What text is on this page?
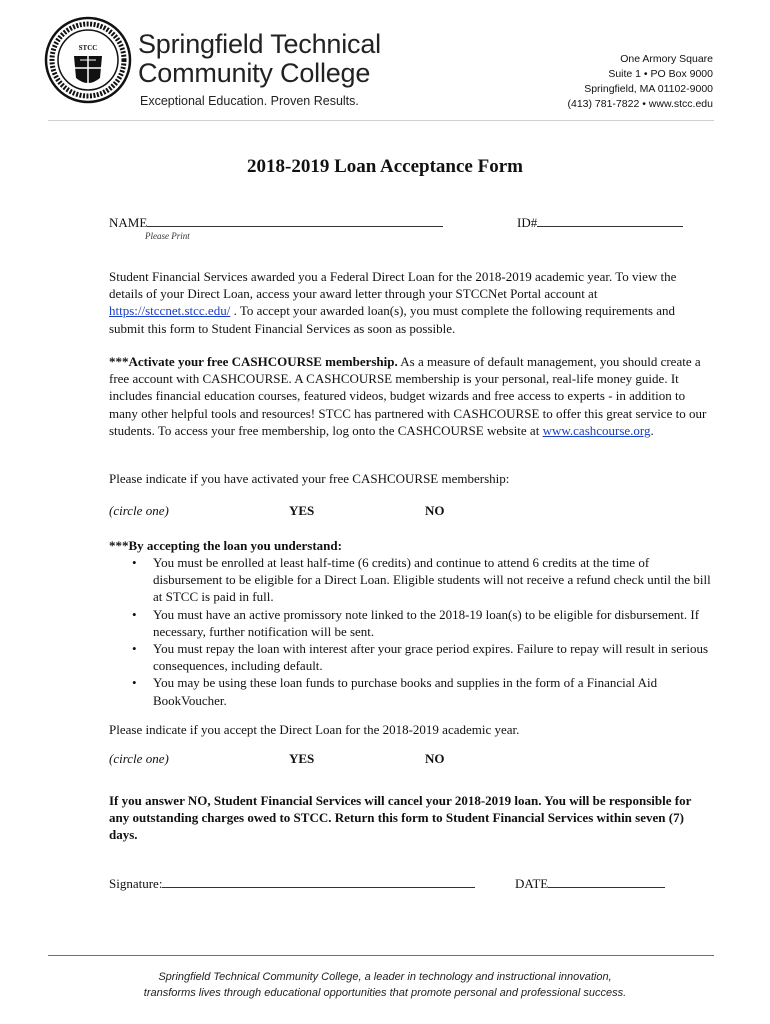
STCC Springfield Technical
Community College
Exceptional Education. Proven Results.
One Armory Square
Suite 1 • PO Box 9000
Springfield, MA 01102-9000
(413) 781-7822 • www.stcc.edu
2018-2019 Loan Acceptance Form
NAME
Please Print
ID#
Student Financial Services awarded you a Federal Direct Loan for the 2018-2019 academic year. To view the details of your Direct Loan, access your award letter through your STCCNet Portal account at https://stccnet.stcc.edu/ . To accept your awarded loan(s), you must complete the following requirements and submit this form to Student Financial Services as soon as possible.
***Activate your free CASHCOURSE membership. As a measure of default management, you should create a free account with CASHCOURSE. A CASHCOURSE membership is your personal, real-life money guide. It includes financial education courses, featured videos, budget wizards and free access to experts - in addition to many other helpful tools and resources! STCC has partnered with CASHCOURSE to offer this great service to our students. To access your free membership, log onto the CASHCOURSE website at www.cashcourse.org.
Please indicate if you have activated your free CASHCOURSE membership:
(circle one)	YES	NO
***By accepting the loan you understand:
• You must be enrolled at least half-time (6 credits) and continue to attend 6 credits at the time of disbursement to be eligible for a Direct Loan. Eligible students will not receive a refund check until the bill at STCC is paid in full.
• You must have an active promissory note linked to the 2018-19 loan(s) to be eligible for disbursement. If necessary, further notification will be sent.
• You must repay the loan with interest after your grace period expires. Failure to repay will result in serious consequences, including default.
• You may be using these loan funds to purchase books and supplies in the form of a Financial Aid BookVoucher.
Please indicate if you accept the Direct Loan for the 2018-2019 academic year.
(circle one)	YES	NO
If you answer NO, Student Financial Services will cancel your 2018-2019 loan. You will be responsible for any outstanding charges owed to STCC. Return this form to Student Financial Services within seven (7) days.
Signature:	DATE
Springfield Technical Community College, a leader in technology and instructional innovation,
transforms lives through educational opportunities that promote personal and professional success.
